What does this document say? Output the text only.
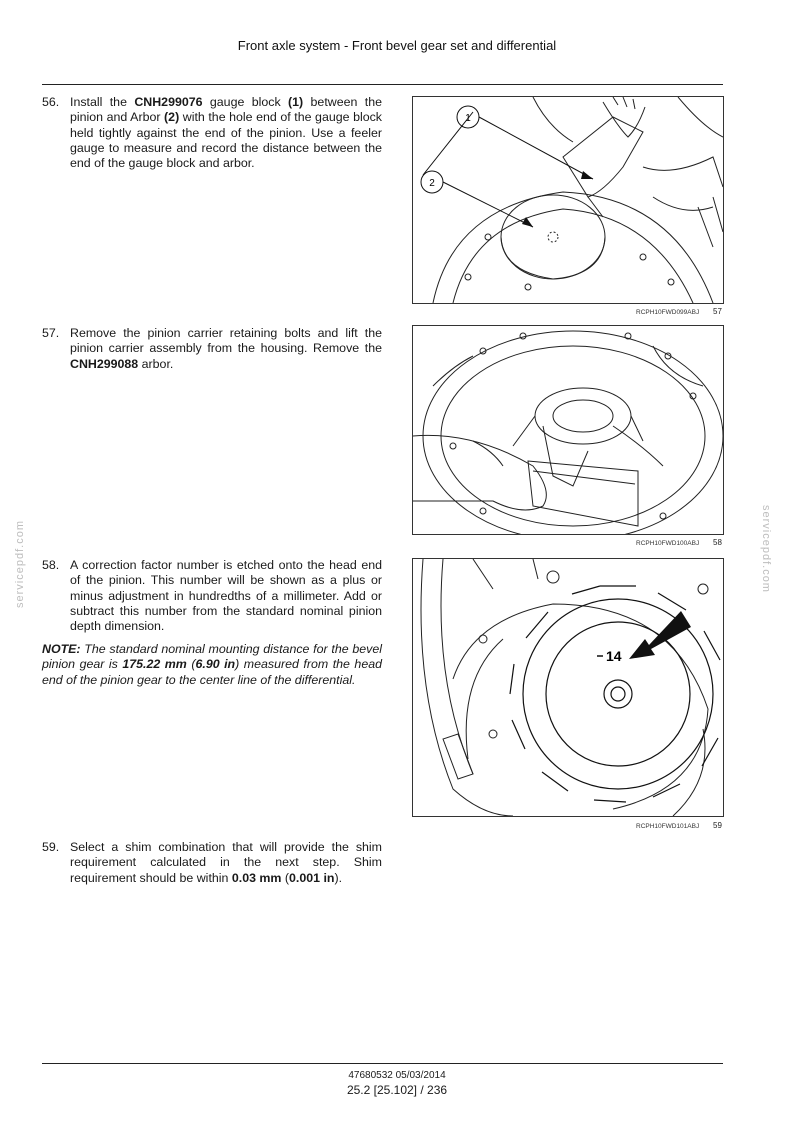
Front axle system - Front bevel gear set and differential
56. Install the CNH299076 gauge block (1) between the pinion and Arbor (2) with the hole end of the gauge block held tightly against the end of the pinion. Use a feeler gauge to measure and record the distance between the end of the gauge block and arbor.
1
2
RCPH10FWD099ABJ 57
57. Remove the pinion carrier retaining bolts and lift the pinion carrier assembly from the housing. Remove the CNH299088 arbor.
RCPH10FWD100ABJ 58
58. A correction factor number is etched onto the head end of the pinion. This number will be shown as a plus or minus adjustment in hundredths of a millimeter. Add or subtract this number from the standard nominal pinion depth dimension.
NOTE: The standard nominal mounting distance for the bevel pinion gear is 175.22 mm (6.90 in) measured from the head end of the pinion gear to the center line of the differential.
14
RCPH10FWD101ABJ 59
59. Select a shim combination that will provide the shim requirement calculated in the next step. Shim requirement should be within 0.03 mm (0.001 in).
servicepdf.com	servicepdf.com
47680532 05/03/2014
25.2 [25.102] / 236
